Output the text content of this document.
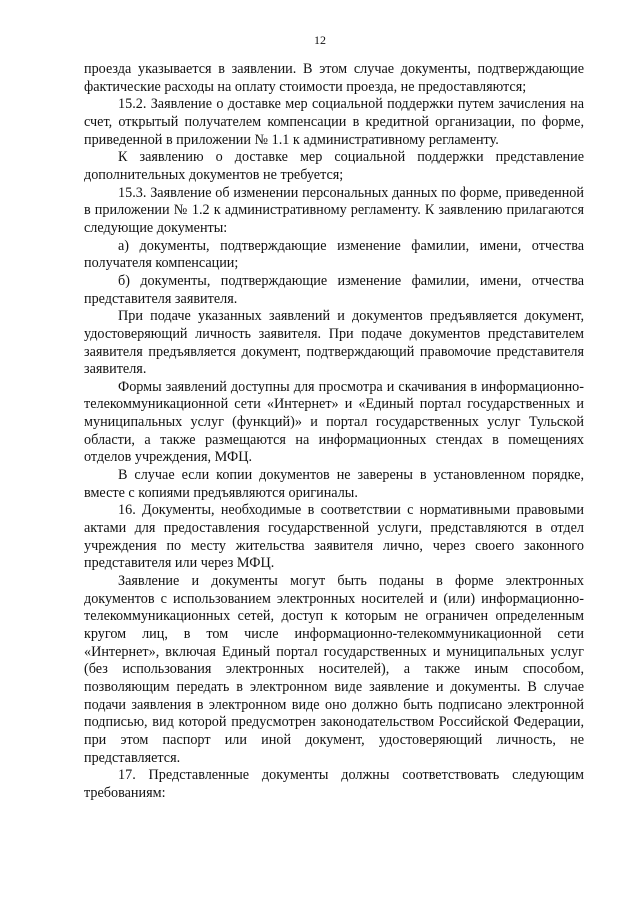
12

проезда указывается в заявлении. В этом случае документы, подтверждающие фактические расходы на оплату стоимости проезда, не предоставляются;

15.2. Заявление о доставке мер социальной поддержки путем зачисления на счет, открытый получателем компенсации в кредитной организации, по форме, приведенной в приложении № 1.1 к административному регламенту.

К заявлению о доставке мер социальной поддержки представление дополнительных документов не требуется;

15.3. Заявление об изменении персональных данных по форме, приведенной в приложении № 1.2 к административному регламенту. К заявлению прилагаются следующие документы:

а) документы, подтверждающие изменение фамилии, имени, отчества получателя компенсации;

б) документы, подтверждающие изменение фамилии, имени, отчества представителя заявителя.

При подаче указанных заявлений и документов предъявляется документ, удостоверяющий личность заявителя. При подаче документов представителем заявителя предъявляется документ, подтверждающий правомочие представителя заявителя.

Формы заявлений доступны для просмотра и скачивания в информационно-телекоммуникационной сети «Интернет» и «Единый портал государственных и муниципальных услуг (функций)» и портал государственных услуг Тульской области, а также размещаются на информационных стендах в помещениях отделов учреждения, МФЦ.

В случае если копии документов не заверены в установленном порядке, вместе с копиями предъявляются оригиналы.

16. Документы, необходимые в соответствии с нормативными правовыми актами для предоставления государственной услуги, представляются в отдел учреждения по месту жительства заявителя лично, через своего законного представителя или через МФЦ.

Заявление и документы могут быть поданы в форме электронных документов с использованием электронных носителей и (или) информационно-телекоммуникационных сетей, доступ к которым не ограничен определенным кругом лиц, в том числе информационно-телекоммуникационной сети «Интернет», включая Единый портал государственных и муниципальных услуг (без использования электронных носителей), а также иным способом, позволяющим передать в электронном виде заявление и документы. В случае подачи заявления в электронном виде оно должно быть подписано электронной подписью, вид которой предусмотрен законодательством Российской Федерации, при этом паспорт или иной документ, удостоверяющий личность, не представляется.

17. Представленные документы должны соответствовать следующим требованиям:
